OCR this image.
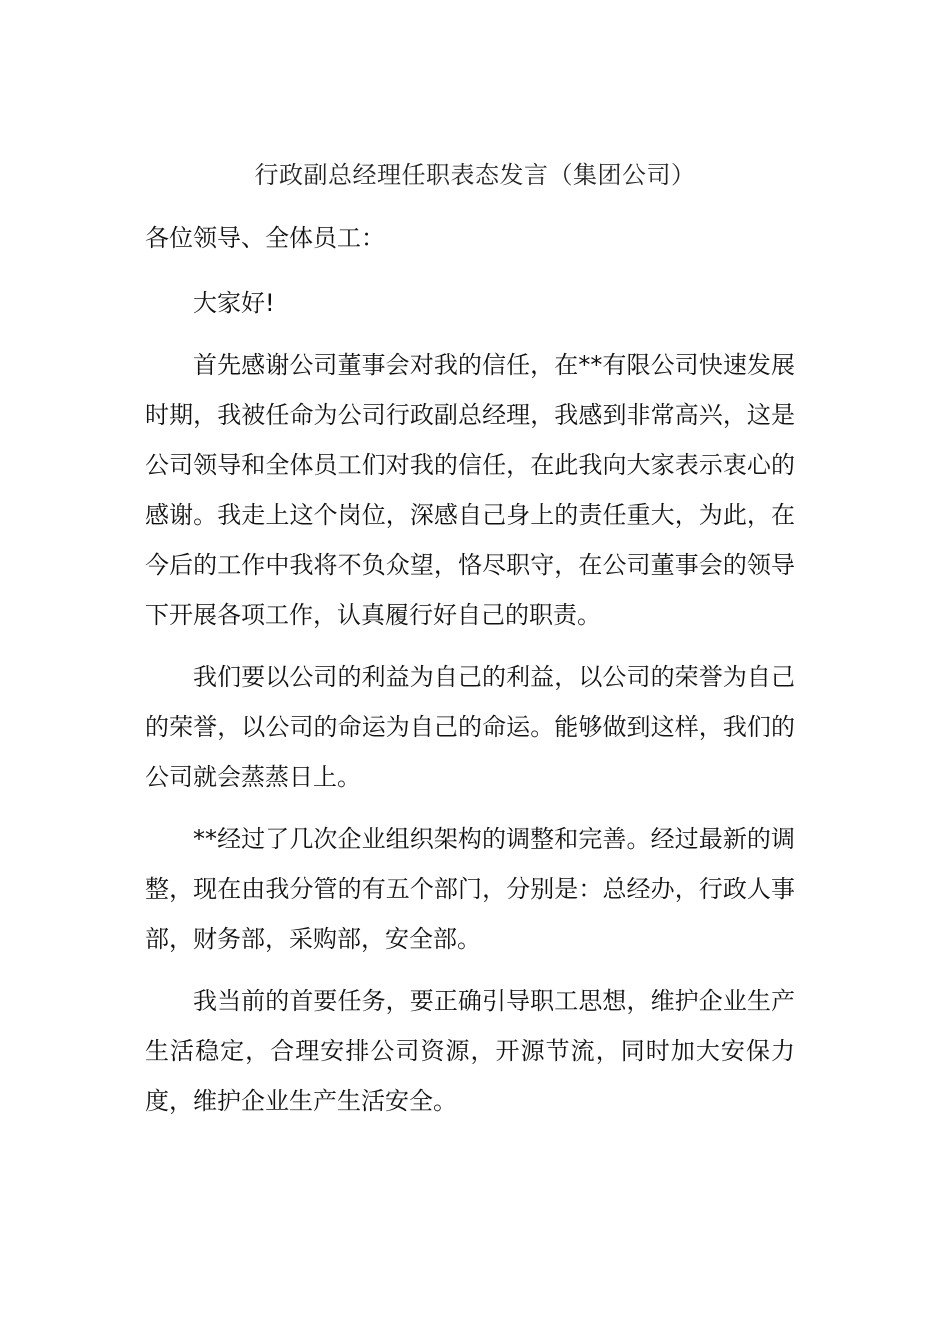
行政副总经理任职表态发言（集团公司）
各位领导、全体员工：

大家好!

首先感谢公司董事会对我的信任，在**有限公司快速发展时期，我被任命为公司行政副总经理，我感到非常高兴，这是公司领导和全体员工们对我的信任，在此我向大家表示衷心的感谢。我走上这个岗位，深感自己身上的责任重大，为此，在今后的工作中我将不负众望，恪尽职守，在公司董事会的领导下开展各项工作，认真履行好自己的职责。

我们要以公司的利益为自己的利益，以公司的荣誉为自己的荣誉，以公司的命运为自己的命运。能够做到这样，我们的公司就会蒸蒸日上。

**经过了几次企业组织架构的调整和完善。经过最新的调整，现在由我分管的有五个部门，分别是：总经办，行政人事部，财务部，采购部，安全部。

我当前的首要任务，要正确引导职工思想，维护企业生产生活稳定，合理安排公司资源，开源节流，同时加大安保力度，维护企业生产生活安全。
